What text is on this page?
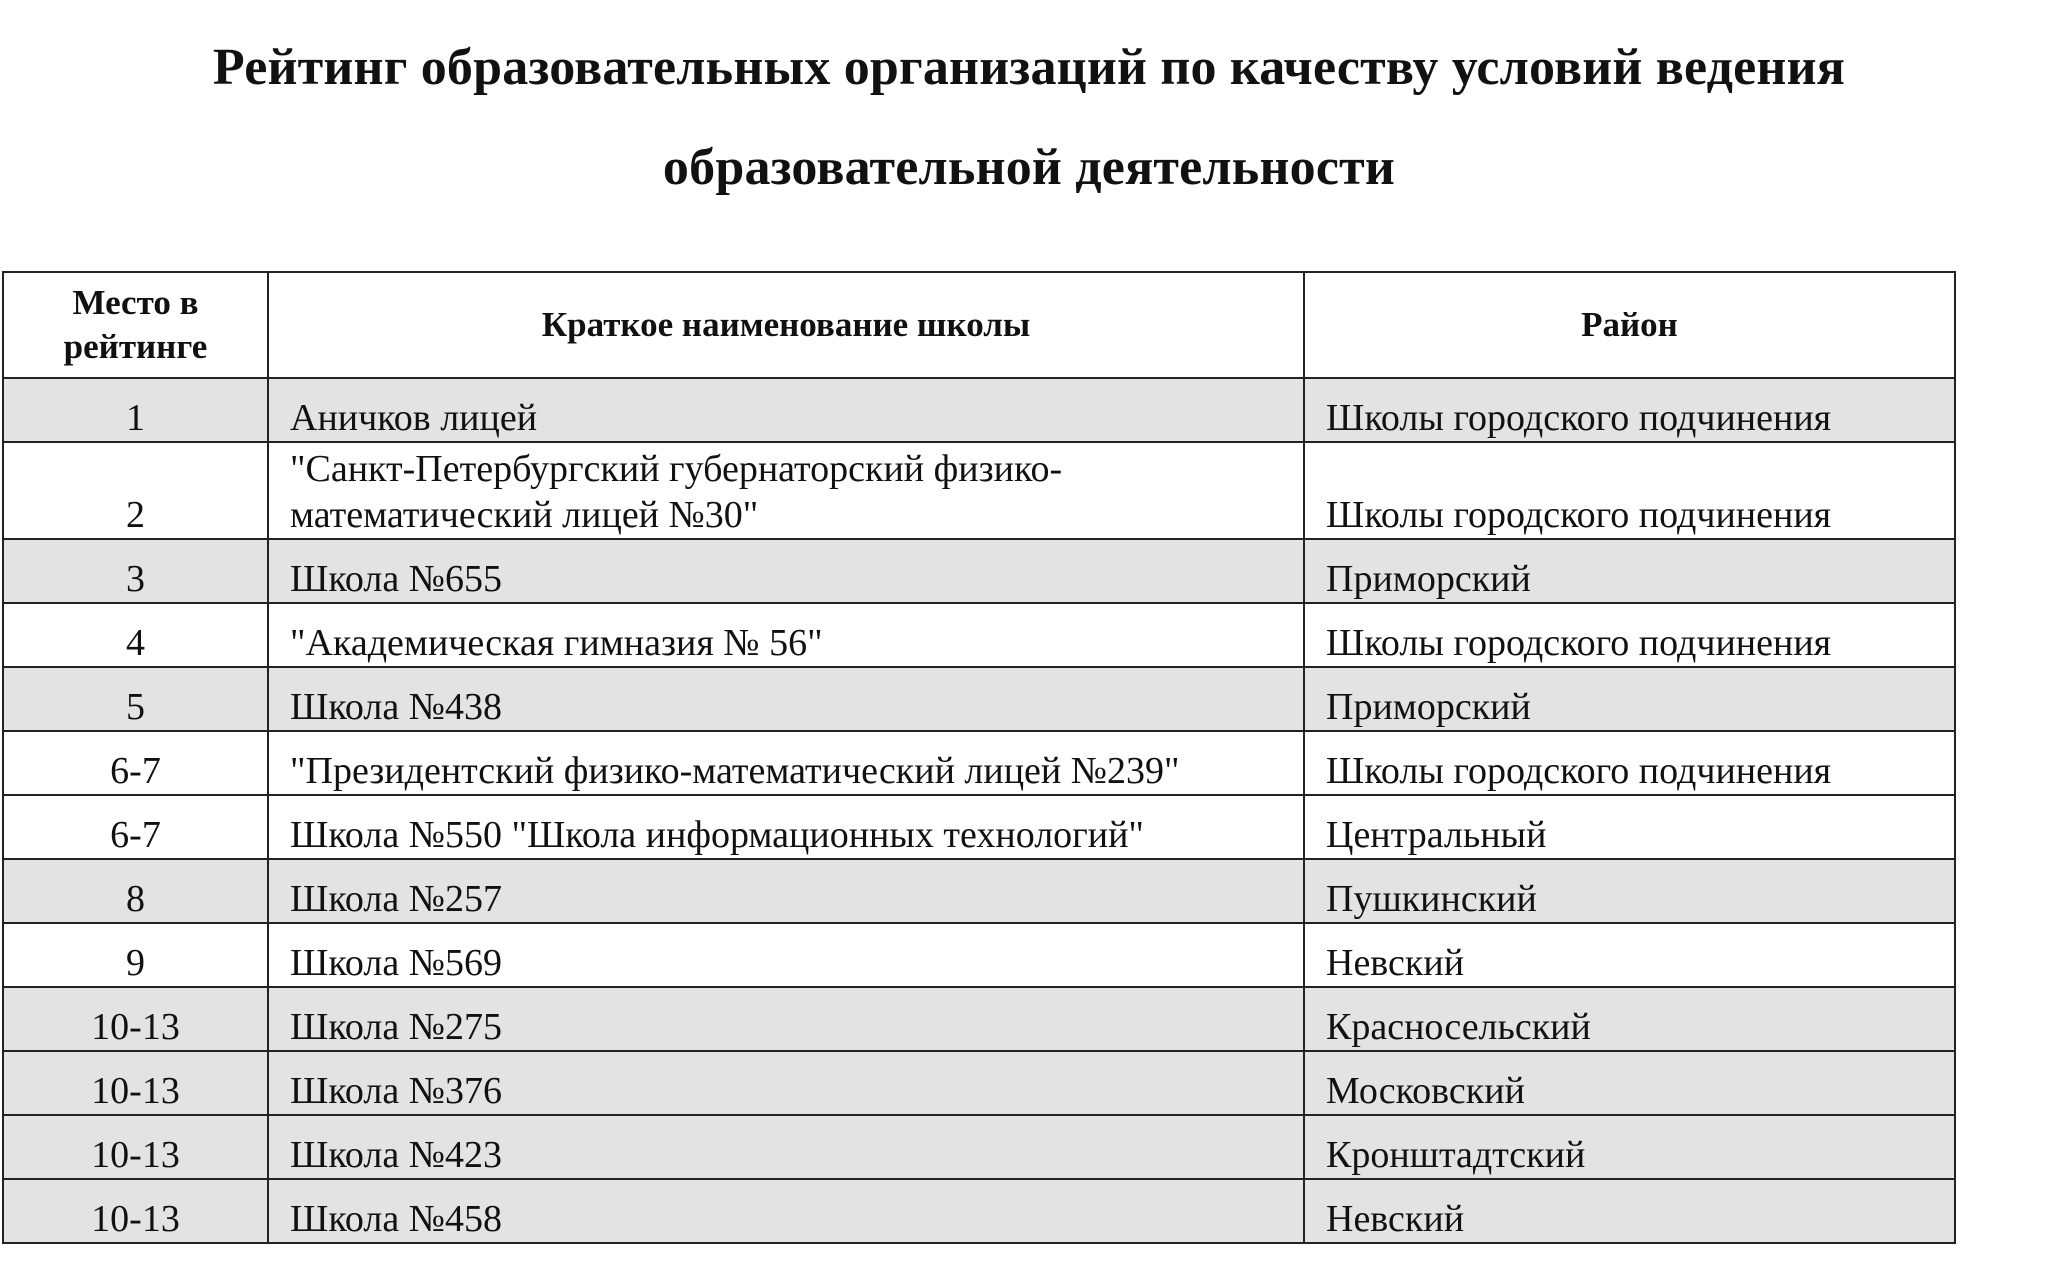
Рейтинг образовательных организаций по качеству условий ведения
образовательной деятельности
Место в рейтинге	Краткое наименование школы	Район
1	Аничков лицей	Школы городского подчинения
2	"Санкт-Петербургский губернаторский физико-математический лицей №30"	Школы городского подчинения
3	Школа №655	Приморский
4	"Академическая гимназия № 56"	Школы городского подчинения
5	Школа №438	Приморский
6-7	"Президентский физико-математический лицей №239"	Школы городского подчинения
6-7	Школа №550 "Школа информационных технологий"	Центральный
8	Школа №257	Пушкинский
9	Школа №569	Невский
10-13	Школа №275	Красносельский
10-13	Школа №376	Московский
10-13	Школа №423	Кронштадтский
10-13	Школа №458	Невский
